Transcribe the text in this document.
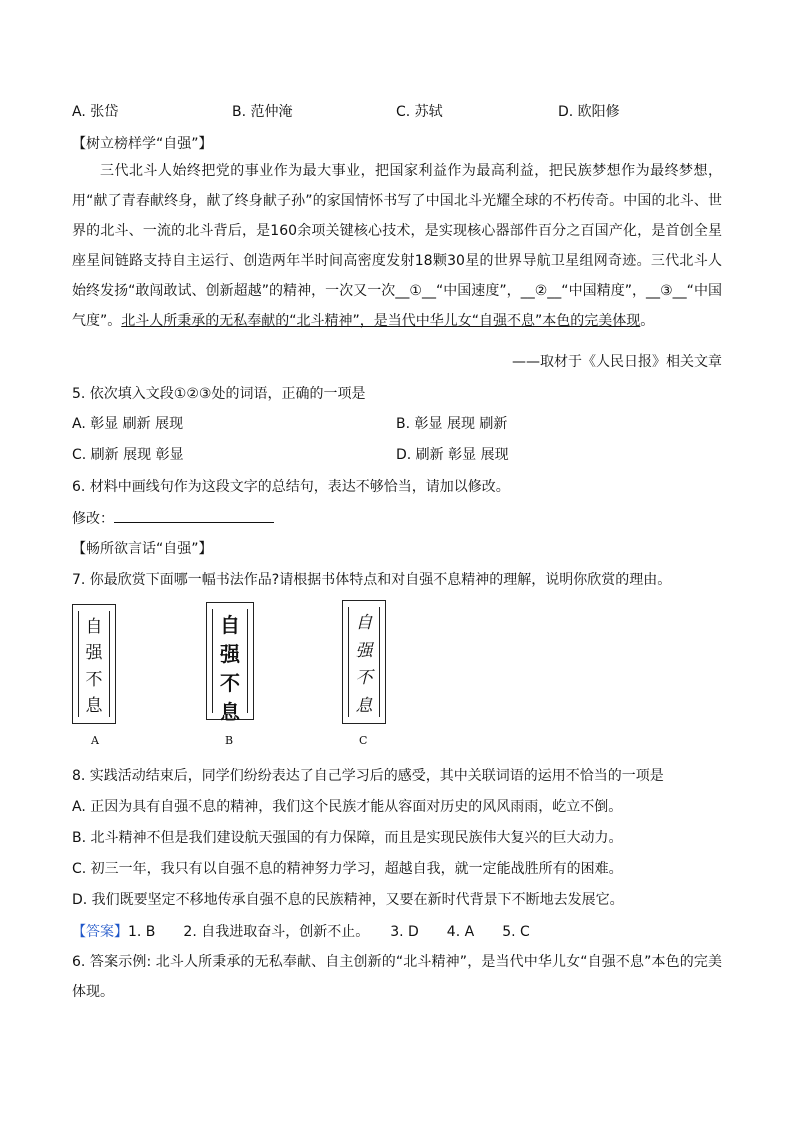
A. 张岱	B. 范仲淹	C. 苏轼	D. 欧阳修
【树立榜样学“自强”】
三代北斗人始终把党的事业作为最大事业，把国家利益作为最高利益，把民族梦想作为最终梦想，用“献了青春献终身，献了终身献子孙”的家国情怀书写了中国北斗光耀全球的不朽传奇。中国的北斗、世界的北斗、一流的北斗背后，是160余项关键核心技术，是实现核心器部件百分之百国产化，是首创全星座星间链路支持自主运行、创造两年半时间高密度发射18颗30星的世界导航卫星组网奇迹。三代北斗人始终发扬“敢闯敢试、创新超越”的精神，一次又一次__①__“中国速度”，__②__“中国精度”，__③__“中国气度”。北斗人所秉承的无私奉献的“北斗精神”，是当代中华儿女“自强不息”本色的完美体现。
——取材于《人民日报》相关文章
5. 依次填入文段①②③处的词语，正确的一项是
A. 彰显 刷新 展现	B. 彰显 展现 刷新
C. 刷新 展现 彰显	D. 刷新 彰显 展现
6. 材料中画线句作为这段文字的总结句，表达不够恰当，请加以修改。
修改：
【畅所欲言话“自强”】
7. 你最欣赏下面哪一幅书法作品?请根据书体特点和对自强不息精神的理解，说明你欣赏的理由。
自
强
不
息
A
自
强
不
息
B
自
强
不
息
C
8. 实践活动结束后，同学们纷纷表达了自己学习后的感受，其中关联词语的运用不恰当的一项是
A. 正因为具有自强不息的精神，我们这个民族才能从容面对历史的风风雨雨，屹立不倒。
B. 北斗精神不但是我们建设航天强国的有力保障，而且是实现民族伟大复兴的巨大动力。
C. 初三一年，我只有以自强不息的精神努力学习，超越自我，就一定能战胜所有的困难。
D. 我们既要坚定不移地传承自强不息的民族精神，又要在新时代背景下不断地去发展它。
【答案】1. B　　2. 自我进取奋斗，创新不止。　　3. D　　4. A　　5. C
6. 答案示例: 北斗人所秉承的无私奉献、自主创新的“北斗精神”，是当代中华儿女“自强不息”本色的完美体现。
